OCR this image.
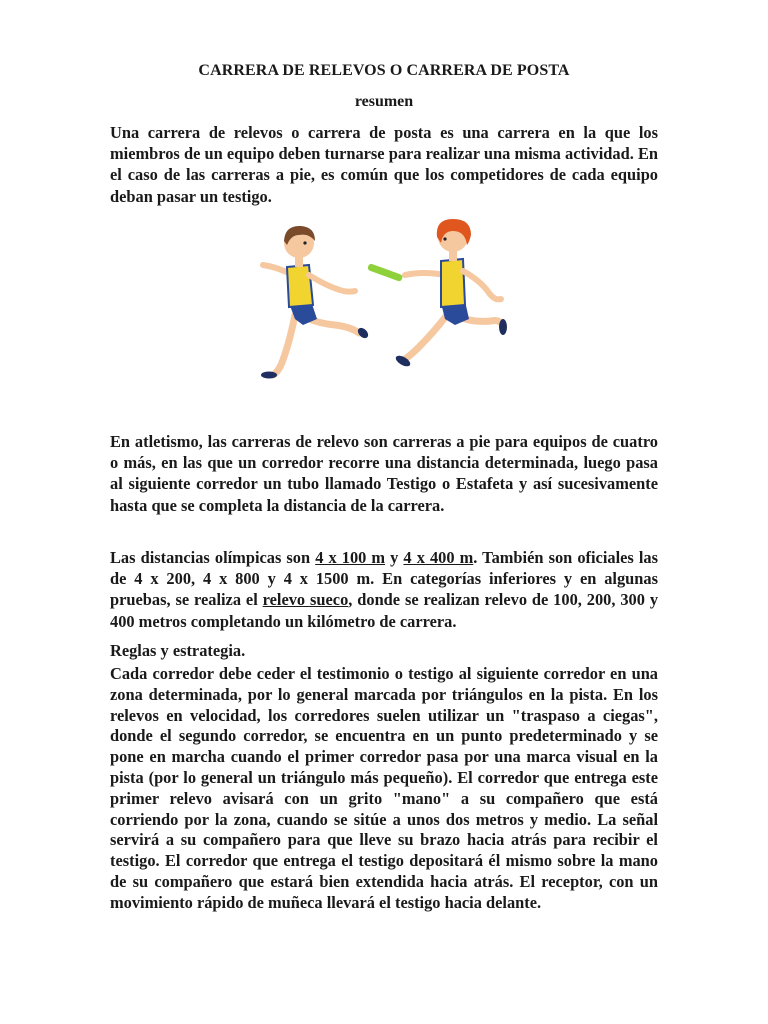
CARRERA DE RELEVOS O CARRERA DE POSTA
resumen

Una carrera de relevos o carrera de posta es una carrera en la que los miembros de un equipo deben turnarse para realizar una misma actividad. En el caso de las carreras a pie, es común que los competidores de cada equipo deban pasar un testigo.

En atletismo, las carreras de relevo son carreras a pie para equipos de cuatro o más, en las que un corredor recorre una distancia determinada, luego pasa al siguiente corredor un tubo llamado Testigo o Estafeta y así sucesivamente hasta que se completa la distancia de la carrera.

Las distancias olímpicas son 4 x 100 m y 4 x 400 m. También son oficiales las de 4 x 200, 4 x 800 y 4 x 1500 m. En categorías inferiores y en algunas pruebas, se realiza el relevo sueco, donde se realizan relevo de 100, 200, 300 y 400 metros completando un kilómetro de carrera.

Reglas y estrategia.

Cada corredor debe ceder el testimonio o testigo al siguiente corredor en una zona determinada, por lo general marcada por triángulos en la pista. En los relevos en velocidad, los corredores suelen utilizar un "traspaso a ciegas", donde el segundo corredor, se encuentra en un punto predeterminado y se pone en marcha cuando el primer corredor pasa por una marca visual en la pista (por lo general un triángulo más pequeño). El corredor que entrega este primer relevo avisará con un grito "mano" a su compañero que está corriendo por la zona, cuando se sitúe a unos dos metros y medio. La señal servirá a su compañero para que lleve su brazo hacia atrás para recibir el testigo. El corredor que entrega el testigo depositará él mismo sobre la mano de su compañero que estará bien extendida hacia atrás. El receptor, con un movimiento rápido de muñeca llevará el testigo hacia delante.
